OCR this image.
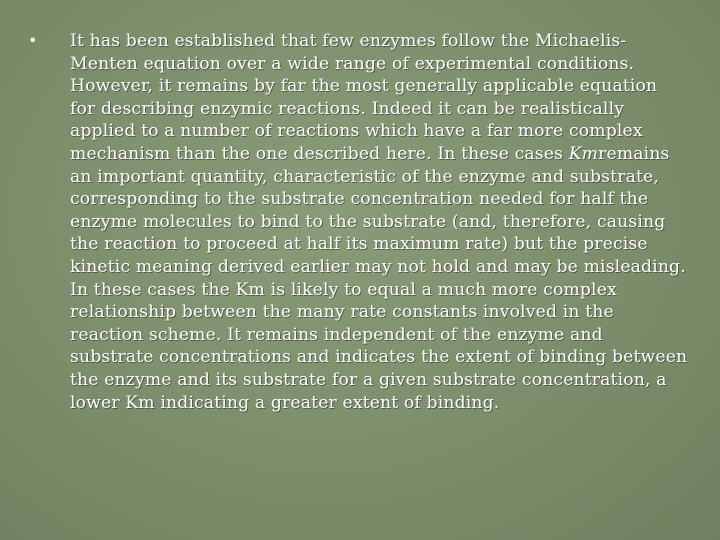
•	It has been established that few enzymes follow the Michaelis-Menten equation over a wide range of experimental conditions. However, it remains by far the most generally applicable equation for describing enzymic reactions. Indeed it can be realistically applied to a number of reactions which have a far more complex mechanism than the one described here. In these cases Kmremains an important quantity, characteristic of the enzyme and substrate, corresponding to the substrate concentration needed for half the enzyme molecules to bind to the substrate (and, therefore, causing the reaction to proceed at half its maximum rate) but the precise kinetic meaning derived earlier may not hold and may be misleading. In these cases the Km is likely to equal a much more complex relationship between the many rate constants involved in the reaction scheme. It remains independent of the enzyme and substrate concentrations and indicates the extent of binding between the enzyme and its substrate for a given substrate concentration, a lower Km indicating a greater extent of binding.
